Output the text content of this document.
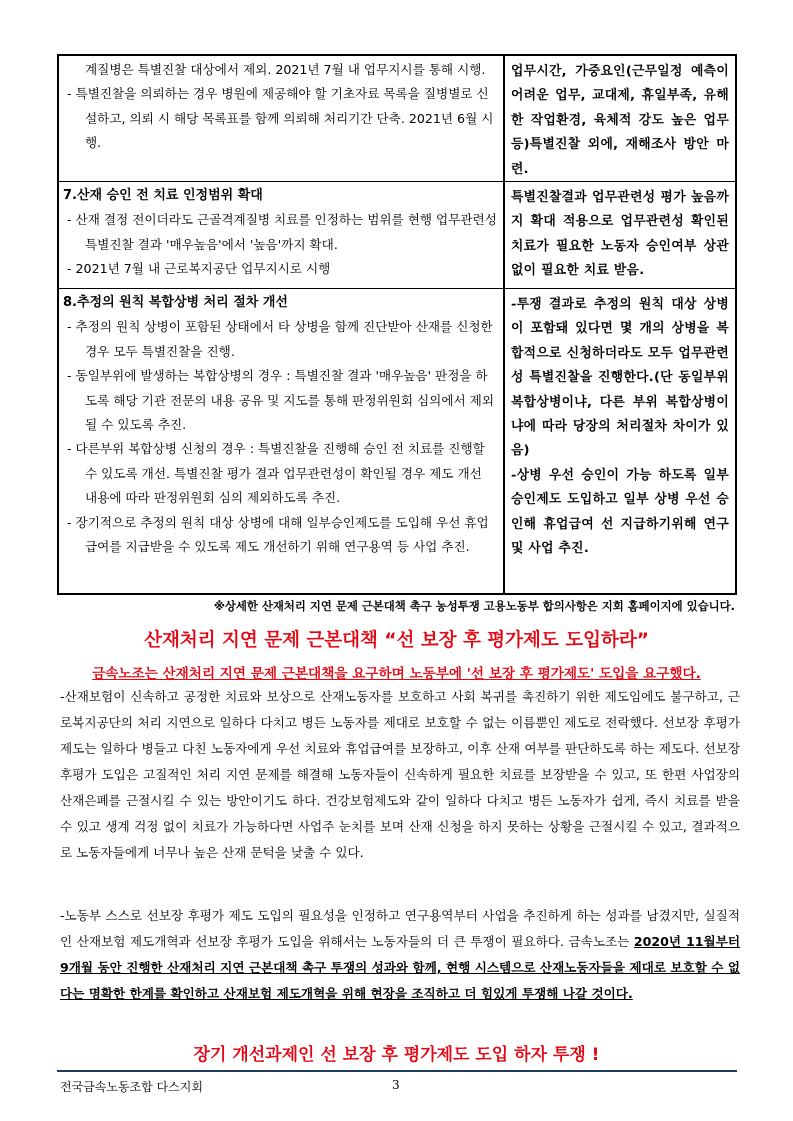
계질병은 특별진찰 대상에서 제외. 2021년 7월 내 업무지시를 통해 시행.
- 특별진찰을 의뢰하는 경우 병원에 제공해야 할 기초자료 목록을 질병별로 신설하고, 의뢰 시 해당 목록표를 함께 의뢰해 처리기간 단축. 2021년 6월 시행.
업무시간, 가중요인(근무일정 예측이 어려운 업무, 교대제, 휴일부족, 유해한 작업환경, 육체적 강도 높은 업무 등)특별진찰 외에, 재해조사 방안 마련.
7.산재 승인 전 치료 인정범위 확대
- 산재 결정 전이더라도 근골격계질병 치료를 인정하는 범위를 현행 업무관련성 특별진찰 결과 '매우높음'에서 '높음'까지 확대.
- 2021년 7월 내 근로복지공단 업무지시로 시행
특별진찰결과 업무관련성 평가 높음까지 확대 적용으로 업무관련성 확인된 치료가 필요한 노동자 승인여부 상관없이 필요한 치료 받음.
8.추정의 원칙 복합상병 처리 절차 개선
- 추정의 원칙 상병이 포함된 상태에서 타 상병을 함께 진단받아 산재를 신청한 경우 모두 특별진찰을 진행.
- 동일부위에 발생하는 복합상병의 경우 : 특별진찰 결과 '매우높음' 판정을 하도록 해당 기관 전문의 내용 공유 및 지도를 통해 판정위원회 심의에서 제외될 수 있도록 추진.
- 다른부위 복합상병 신청의 경우 : 특별진찰을 진행해 승인 전 치료를 진행할 수 있도록 개선. 특별진찰 평가 결과 업무관련성이 확인될 경우 제도 개선 내용에 따라 판정위원회 심의 제외하도록 추진.
- 장기적으로 추정의 원칙 대상 상병에 대해 일부승인제도를 도입해 우선 휴업급여를 지급받을 수 있도록 제도 개선하기 위해 연구용역 등 사업 추진.
-투쟁 결과로 추정의 원칙 대상 상병이 포함돼 있다면 몇 개의 상병을 복합적으로 신청하더라도 모두 업무관련성 특별진찰을 진행한다.(단 동일부위 복합상병이냐, 다른 부위 복합상병이냐에 따라 당장의 처리절차 차이가 있음)
-상병 우선 승인이 가능 하도록 일부승인제도 도입하고 일부 상병 우선 승인해 휴업급여 선 지급하기위해 연구 및 사업 추진.
※상세한 산재처리 지연 문제 근본대책 촉구 농성투쟁 고용노동부 합의사항은 지회 홈페이지에 있습니다.
산재처리 지연 문제 근본대책 “선 보장 후 평가제도 도입하라”
금속노조는 산재처리 지연 문제 근본대책을 요구하며 노동부에 '선 보장 후 평가제도' 도입을 요구했다.
-산재보험이 신속하고 공정한 치료와 보상으로 산재노동자를 보호하고 사회 복귀를 촉진하기 위한 제도임에도 불구하고, 근로복지공단의 처리 지연으로 일하다 다치고 병든 노동자를 제대로 보호할 수 없는 이름뿐인 제도로 전락했다. 선보장 후평가 제도는 일하다 병들고 다친 노동자에게 우선 치료와 휴업급여를 보장하고, 이후 산재 여부를 판단하도록 하는 제도다. 선보장 후평가 도입은 고질적인 처리 지연 문제를 해결해 노동자들이 신속하게 필요한 치료를 보장받을 수 있고, 또 한편 사업장의 산재은폐를 근절시킬 수 있는 방안이기도 하다. 건강보험제도와 같이 일하다 다치고 병든 노동자가 쉽게, 즉시 치료를 받을 수 있고 생계 걱정 없이 치료가 가능하다면 사업주 눈치를 보며 산재 신청을 하지 못하는 상황을 근절시킬 수 있고, 결과적으로 노동자들에게 너무나 높은 산재 문턱을 낮출 수 있다.
-노동부 스스로 선보장 후평가 제도 도입의 필요성을 인정하고 연구용역부터 사업을 추진하게 하는 성과를 남겼지만, 실질적인 산재보험 제도개혁과 선보장 후평가 도입을 위해서는 노동자들의 더 큰 투쟁이 필요하다. 금속노조는 2020년 11월부터 9개월 동안 진행한 산재처리 지연 근본대책 촉구 투쟁의 성과와 함께, 현행 시스템으로 산재노동자들을 제대로 보호할 수 없다는 명확한 한계를 확인하고 산재보험 제도개혁을 위해 현장을 조직하고 더 힘있게 투쟁해 나갈 것이다.
장기 개선과제인 선 보장 후 평가제도 도입 하자 투쟁 !
전국금속노동조합 다스지회	3
